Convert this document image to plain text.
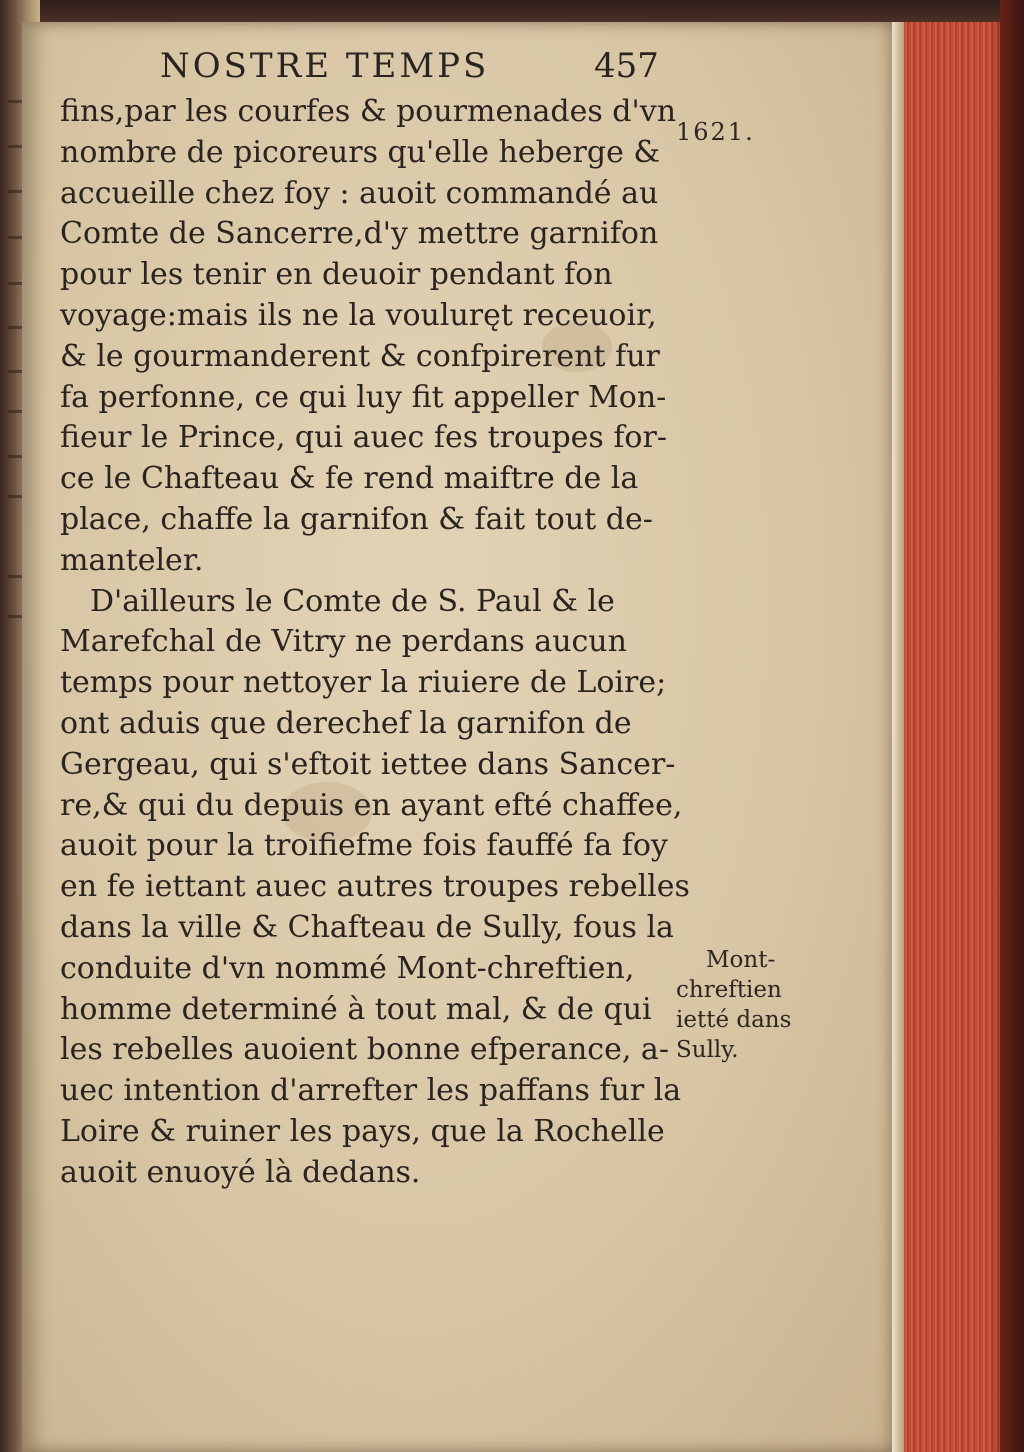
NOSTRE TEMPS	457
1621.
Mont-
chreftien
ietté dans
Sully.
fins,par les courfes & pourmenades d'vn
nombre de picoreurs qu'elle heberge &
accueille chez foy : auoit commandé au
Comte de Sancerre,d'y mettre garnifon
pour les tenir en deuoir pendant fon
voyage:mais ils ne la vouluręt receuoir,
& le gourmanderent & confpirerent fur
fa perfonne, ce qui luy fit appeller Mon-
fieur le Prince, qui auec fes troupes for-
ce le Chafteau & fe rend maiftre de la
place, chaffe la garnifon & fait tout de-
manteler.
D'ailleurs le Comte de S. Paul & le
Marefchal de Vitry ne perdans aucun
temps pour nettoyer la riuiere de Loire;
ont aduis que derechef la garnifon de
Gergeau, qui s'eftoit iettee dans Sancer-
re,& qui du depuis en ayant efté chaffee,
auoit pour la troifiefme fois fauffé fa foy
en fe iettant auec autres troupes rebelles
dans la ville & Chafteau de Sully, fous la
conduite d'vn nommé Mont-chreftien,
homme determiné à tout mal, & de qui
les rebelles auoient bonne efperance, a-
uec intention d'arrefter les paffans fur la
Loire & ruiner les pays, que la Rochelle
auoit enuoyé là dedans.
